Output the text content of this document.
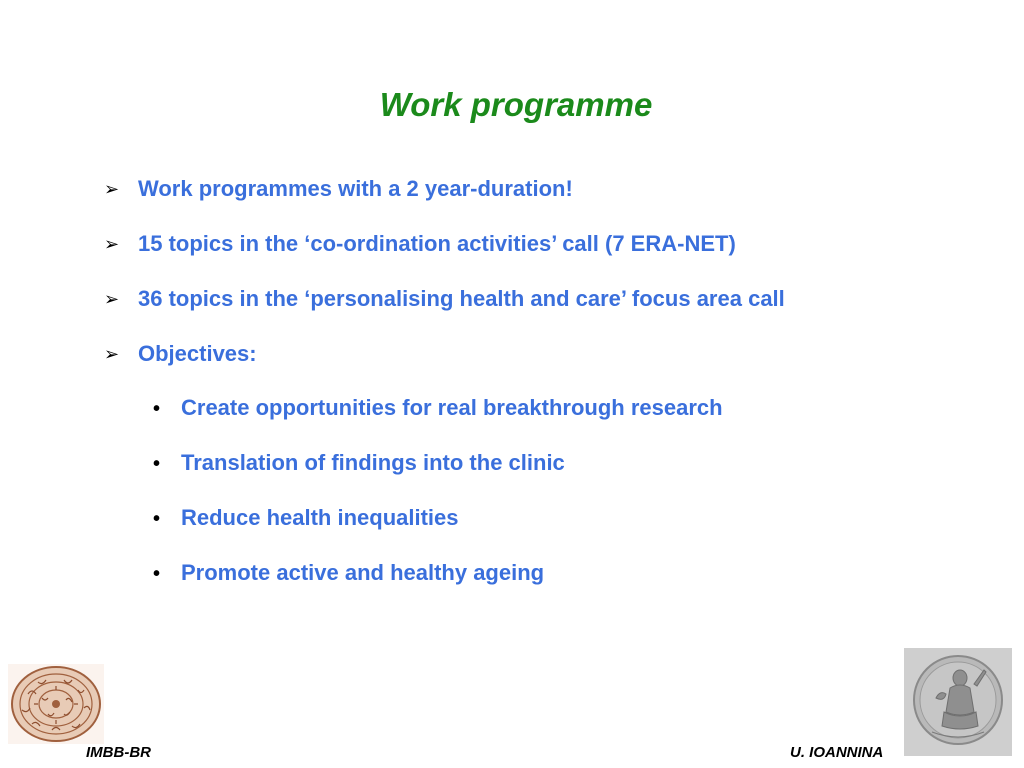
Work programme
➢ Work programmes with a 2 year-duration!
➢ 15 topics in the ‘co-ordination activities’ call (7 ERA-NET)
➢ 36 topics in the ‘personalising health and care’ focus area call
➢ Objectives:
• Create opportunities for real breakthrough research
• Translation of findings into the clinic
• Reduce health inequalities
• Promote active and healthy ageing
IMBB-BR	U. IOANNINA
